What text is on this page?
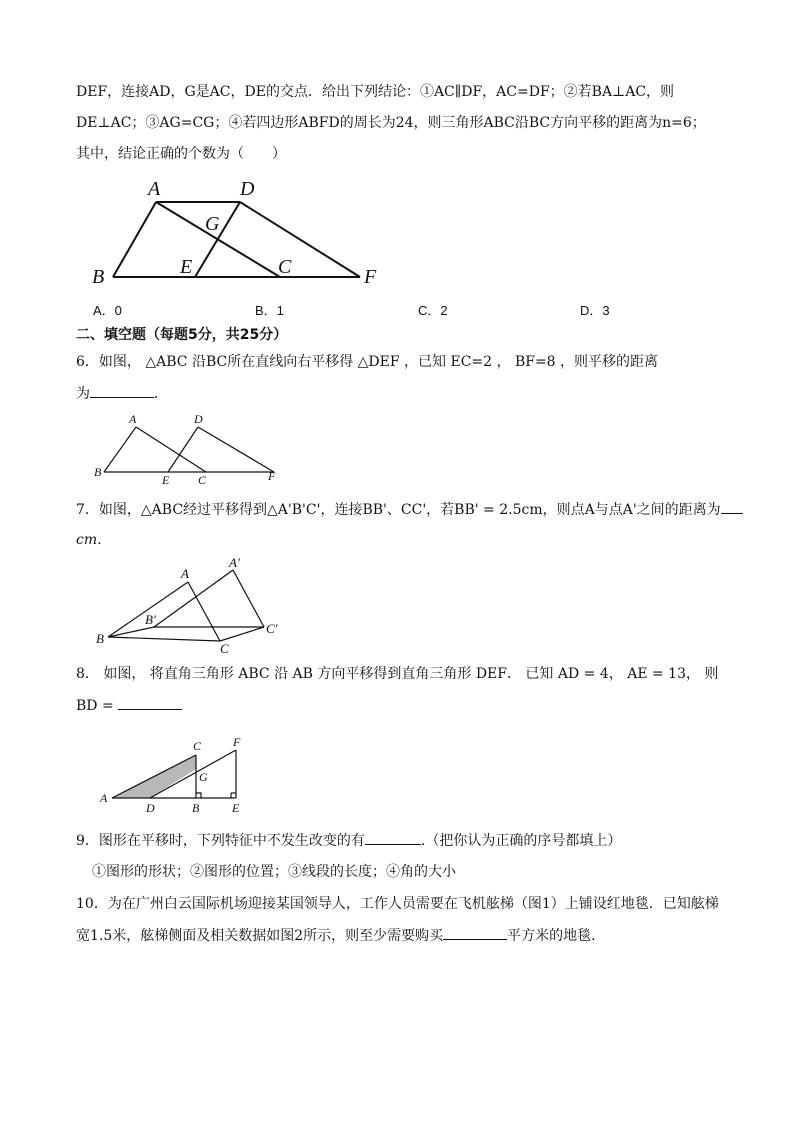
DEF，连接AD，G是AC，DE的交点．给出下列结论：①AC∥DF，AC=DF；②若BA⊥AC，则
DE⊥AC；③AG=CG；④若四边形ABFD的周长为24，则三角形ABC沿BC方向平移的距离为n=6；
其中，结论正确的个数为（　　）
A	D
G
B	E	C	F
A．0	B．1	C．2	D．3
二、填空题（每题5分，共25分）
6．如图， △ABC 沿BC所在直线向右平移得 △DEF ，已知 EC=2 ， BF=8 ，则平移的距离
为	．
A	D
B
E C	F
7．如图，△ABC经过平移得到△A'B'C'，连接BB'、CC'，若BB' = 2.5cm，则点A与点A'之间的距离为
cm．
A
A'
B'
B
C
C'
8． 如图， 将直角三角形 ABC 沿 AB 方向平移得到直角三角形 DEF． 已知 AD = 4， AE = 13， 则
BD =
C	F
G
A
D	B	E
9．图形在平移时，下列特征中不发生改变的有	.（把你认为正确的序号都填上）
①图形的形状；②图形的位置；③线段的长度；④角的大小
10．为在广州白云国际机场迎接某国领导人，工作人员需要在飞机舷梯（图1）上铺设红地毯．已知舷梯
宽1.5米，舷梯侧面及相关数据如图2所示，则至少需要购买	平方米的地毯．
